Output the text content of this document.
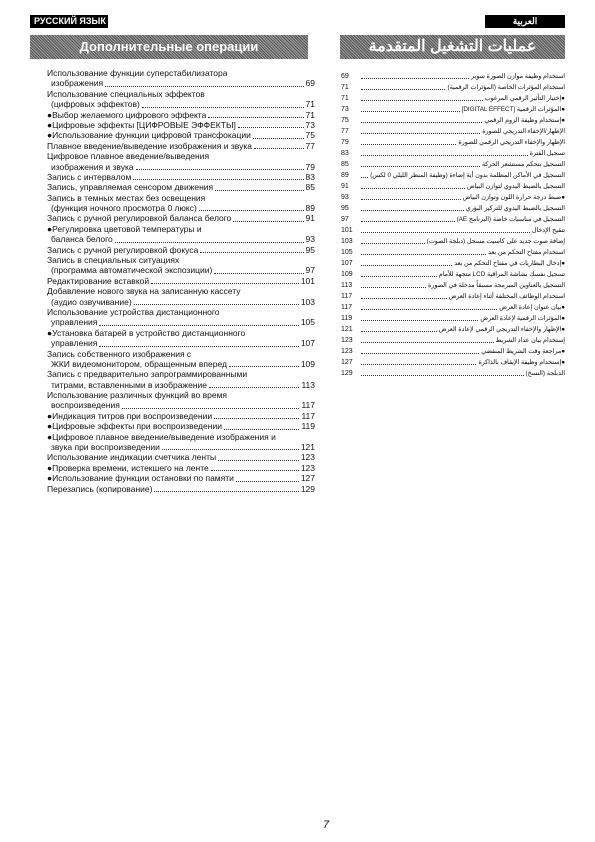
РУССКИЙ ЯЗЫК	العربية
Дополнительные операции	عمليات التشغيل المتقدمة
Использование функции суперстабилизатора
изображения	69
Использование специальных эффектов
(цифровых эффектов)	71
●Выбор желаемого цифрового эффекта	71
●Цифровые эффекты [ЦИФРОВЫЕ ЭФФЕКТЫ]	73
●Использование функции цифровой трансфокации	75
Плавное введение/выведение изображения и звука	77
Цифровое плавное введение/выведения
изображения и звука	79
Запись с интервалом	83
Запись, управляемая сенсором движения	85
Запись в темных местах без освещения
(функция ночного просмотра 0 люкс)	89
Запись с ручной регулировкой баланса белого	91
●Регулировка цветовой температуры и
баланса белого	93
Запись с ручной регулировкой фокуса	95
Запись в специальных ситуациях
(программа автоматической экспозиции)	97
Редактирование вставкой	101
Добавление нового звука на записанную кассету
(аудио озвучивание)	103
Использование устройства дистанционного
управления	105
●Установка батарей в устройство дистанционного
управления	107
Запись собственного изображения с
ЖКИ видеомонитором, обращенным вперед	109
Запись с предварительно запрограммированными
титрами, вставленными в изображение	113
Использование различных функций во время
воспроизведения	117
●Индикация титров при воспроизведении	117
●Цифровые эффекты при воспроизведении	119
●Цифровое плавное введение/выведение изображения и
звука при воспроизведении	121
Использование индикации счетчика ленты	123
●Проверка времени, истекшего на ленте	123
●Использование функции остановки по памяти	127
Перезапись (копирование)	129
69	استخدام وظيفة موازن الصورة سوبر
71	استخدام المؤثرات الخاصة (المؤثرات الرقمية)
71	●إختيار التأثير الرقمي المرغوب
73	●المؤثرات الرقمية [DIGITAL EFFECT]
75	●إستخدام وظيفة الزوم الرقمي
77	الإظهار/الإخفاء التدريجي للصورة
79	الإظهار والإخفاء التدريجي الرقمي للصورة
83	تسجيل الفترة
85	التسجيل بتحكم مستشعر الحركة
89	التسجيل في الأماكن المظلمة بدون أية إضاءة (وظيفة المنظر الليلي 0 لكس)
91	التسجيل بالضبط اليدوي لتوازن البياض
93	●ضبط درجة حرارة اللون وتوازن البياض
95	التسجيل بالضبط اليدوي للتركيز البؤري
97	التسجيل في مناسبات خاصة (البرنامج AE)
101	تنقيح الإدخال
103	إضافة صوت جديد على كاسيت مسجل (دبلجة الصوت)
105	استخدام مفتاح التحكم من بعد
107	●إدخال البطاريات في مفتاح التحكم من بعد
109	تسجيل نفسك بشاشة المراقبة LCD متجهة للأمام
113	التسجيل بالعناوين المبرمجة مسبقاً مدخلة في الصورة
117	استخدام الوظائف المختلفة أثناء إعادة العرض
117	●بيان عنوان إعادة العرض
119	●المؤثرات الرقمية لإعادة العرض
121	●الإظهار والإخفاء التدريجي الرقمي لإعادة العرض
123	إستخدام بيان عداد الشريط
123	●مراجعة وقت الشريط المنقضي
127	●إستخدام وظيفة الإيقاف بالذاكرة
129	الدبلجة (النسخ)
7
